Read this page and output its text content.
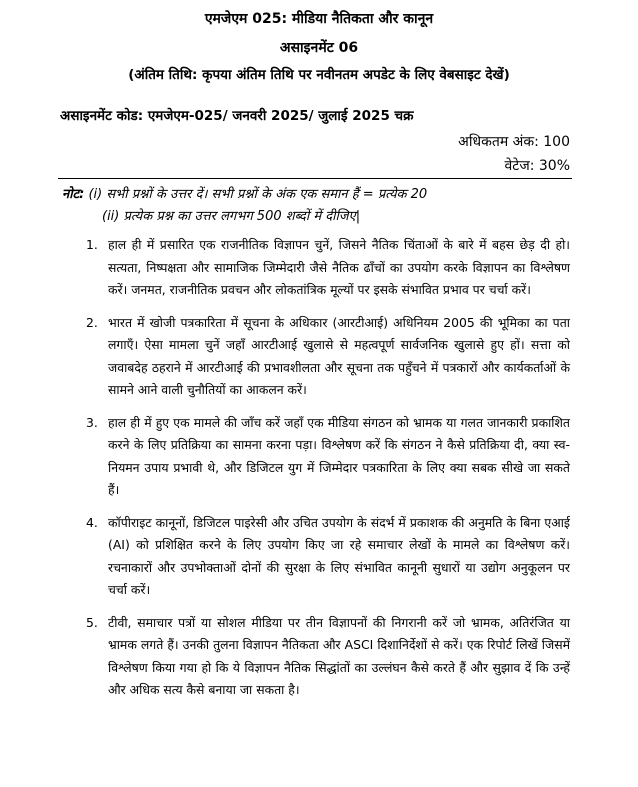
एमजेएम 025: मीडिया नैतिकता और कानून
असाइनमेंट 06
(अंतिम तिथि: कृपया अंतिम तिथि पर नवीनतम अपडेट के लिए वेबसाइट देखें)
असाइनमेंट कोड: एमजेएम-025/ जनवरी 2025/ जुलाई 2025 चक्र
अधिकतम अंक: 100
वेटेज: 30%
नोट: (i) सभी प्रश्नों के उत्तर दें। सभी प्रश्नों के अंक एक समान हैं = प्रत्येक 20
(ii) प्रत्येक प्रश्न का उत्तर लगभग 500 शब्दों में दीजिए|
1. हाल ही में प्रसारित एक राजनीतिक विज्ञापन चुनें, जिसने नैतिक चिंताओं के बारे में बहस छेड़ दी हो। सत्यता, निष्पक्षता और सामाजिक जिम्मेदारी जैसे नैतिक ढाँचों का उपयोग करके विज्ञापन का विश्लेषण करें। जनमत, राजनीतिक प्रवचन और लोकतांत्रिक मूल्यों पर इसके संभावित प्रभाव पर चर्चा करें।
2. भारत में खोजी पत्रकारिता में सूचना के अधिकार (आरटीआई) अधिनियम 2005 की भूमिका का पता लगाएँ। ऐसा मामला चुनें जहाँ आरटीआई खुलासे से महत्वपूर्ण सार्वजनिक खुलासे हुए हों। सत्ता को जवाबदेह ठहराने में आरटीआई की प्रभावशीलता और सूचना तक पहुँचने में पत्रकारों और कार्यकर्ताओं के सामने आने वाली चुनौतियों का आकलन करें।
3. हाल ही में हुए एक मामले की जाँच करें जहाँ एक मीडिया संगठन को भ्रामक या गलत जानकारी प्रकाशित करने के लिए प्रतिक्रिया का सामना करना पड़ा। विश्लेषण करें कि संगठन ने कैसे प्रतिक्रिया दी, क्या स्व-नियमन उपाय प्रभावी थे, और डिजिटल युग में जिम्मेदार पत्रकारिता के लिए क्या सबक सीखे जा सकते हैं।
4. कॉपीराइट कानूनों, डिजिटल पाइरेसी और उचित उपयोग के संदर्भ में प्रकाशक की अनुमति के बिना एआई (AI) को प्रशिक्षित करने के लिए उपयोग किए जा रहे समाचार लेखों के मामले का विश्लेषण करें। रचनाकारों और उपभोक्ताओं दोनों की सुरक्षा के लिए संभावित कानूनी सुधारों या उद्योग अनुकूलन पर चर्चा करें।
5. टीवी, समाचार पत्रों या सोशल मीडिया पर तीन विज्ञापनों की निगरानी करें जो भ्रामक, अतिरंजित या भ्रामक लगते हैं। उनकी तुलना विज्ञापन नैतिकता और ASCI दिशानिर्देशों से करें। एक रिपोर्ट लिखें जिसमें विश्लेषण किया गया हो कि ये विज्ञापन नैतिक सिद्धांतों का उल्लंघन कैसे करते हैं और सुझाव दें कि उन्हें और अधिक सत्य कैसे बनाया जा सकता है।
